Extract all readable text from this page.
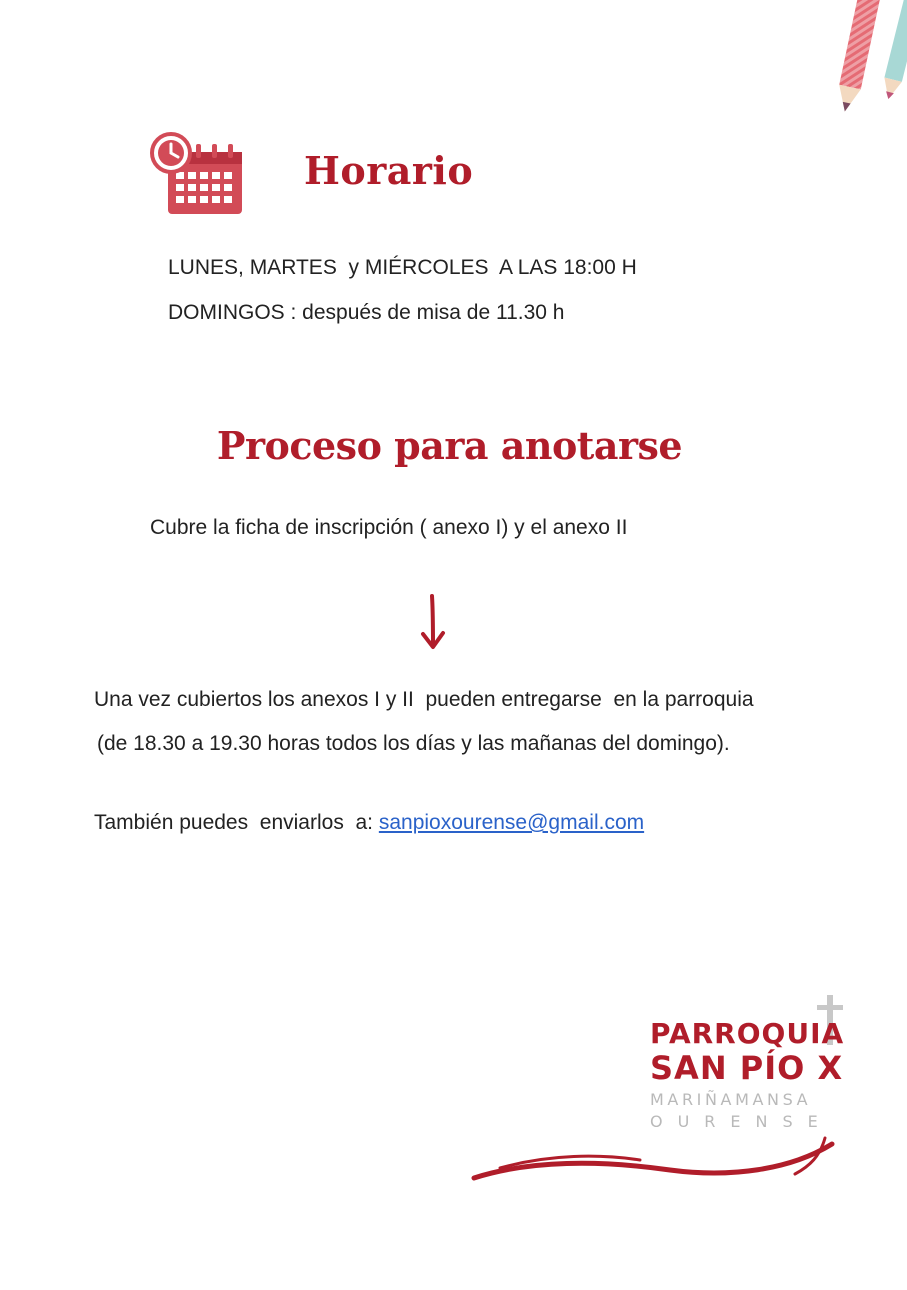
Horario
LUNES, MARTES  y MIÉRCOLES  A LAS 18:00 H
DOMINGOS : después de misa de 11.30 h
Proceso para anotarse
Cubre la ficha de inscripción ( anexo I) y el anexo II
Una vez cubiertos los anexos I y II  pueden entregarse  en la parroquia
(de 18.30 a 19.30 horas todos los días y las mañanas del domingo).
También puedes  enviarlos  a: sanpioxourense@gmail.com
PARROQUIA
SAN PÍO X
MARIÑAMANSA
OURENSE
